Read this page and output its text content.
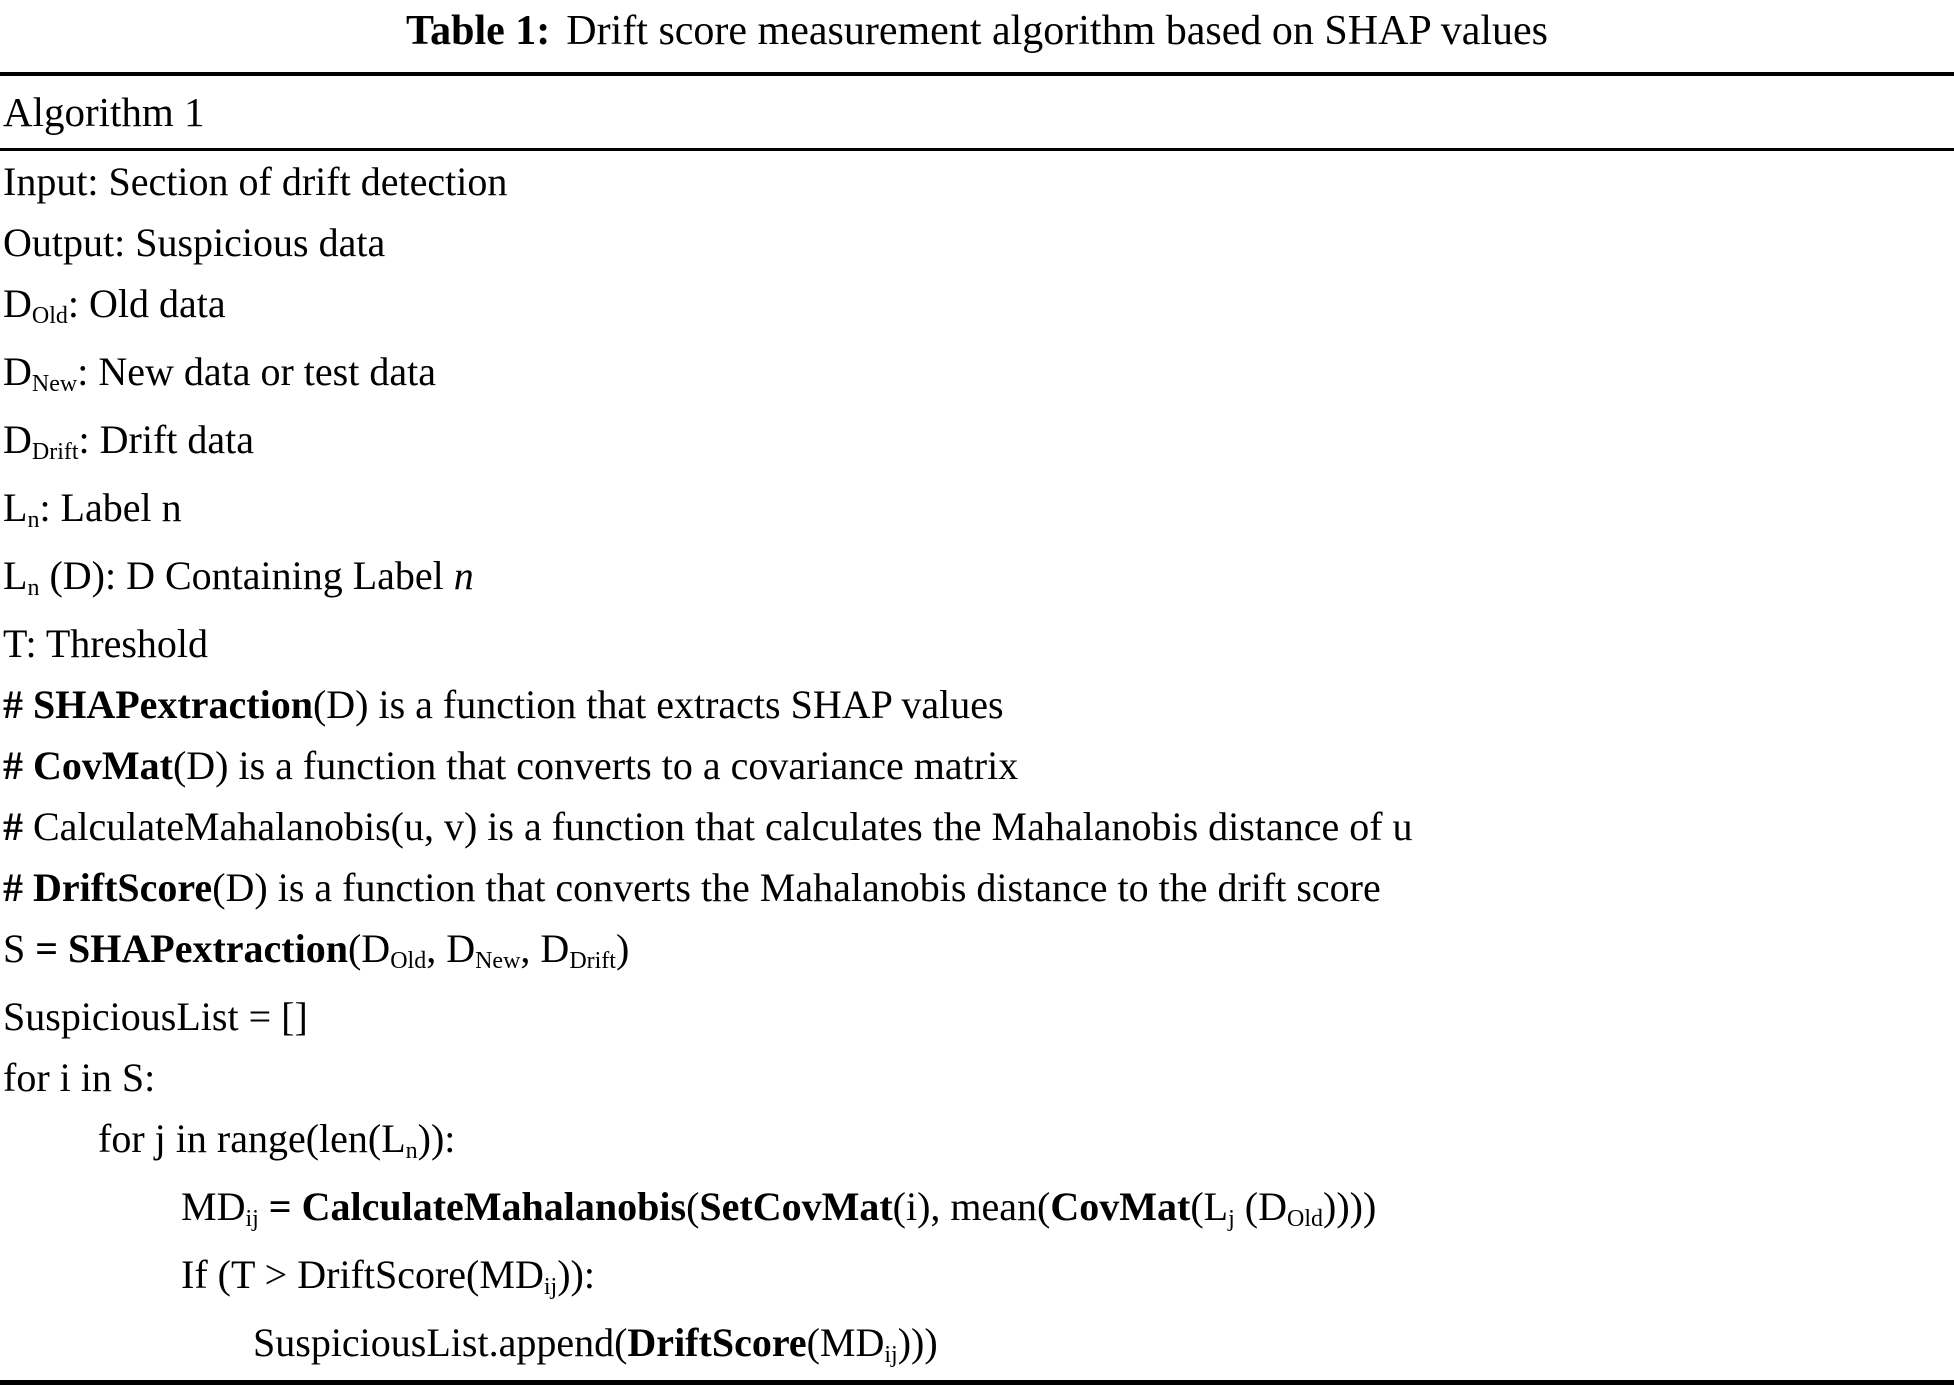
Table 1: Drift score measurement algorithm based on SHAP values
Algorithm 1
Input: Section of drift detection
Output: Suspicious data
DOld: Old data
DNew: New data or test data
DDrift: Drift data
Ln: Label n
Ln (D): D Containing Label n
T: Threshold
# SHAPextraction(D) is a function that extracts SHAP values
# CovMat(D) is a function that converts to a covariance matrix
# CalculateMahalanobis(u, v) is a function that calculates the Mahalanobis distance of u
# DriftScore(D) is a function that converts the Mahalanobis distance to the drift score
S = SHAPextraction(DOld, DNew, DDrift)
SuspiciousList = []
for i in S:
for j in range(len(Ln)):
MDij = CalculateMahalanobis(SetCovMat(i), mean(CovMat(Lj (DOld))))
If (T > DriftScore(MDij)):
SuspiciousList.append(DriftScore(MDij)))
